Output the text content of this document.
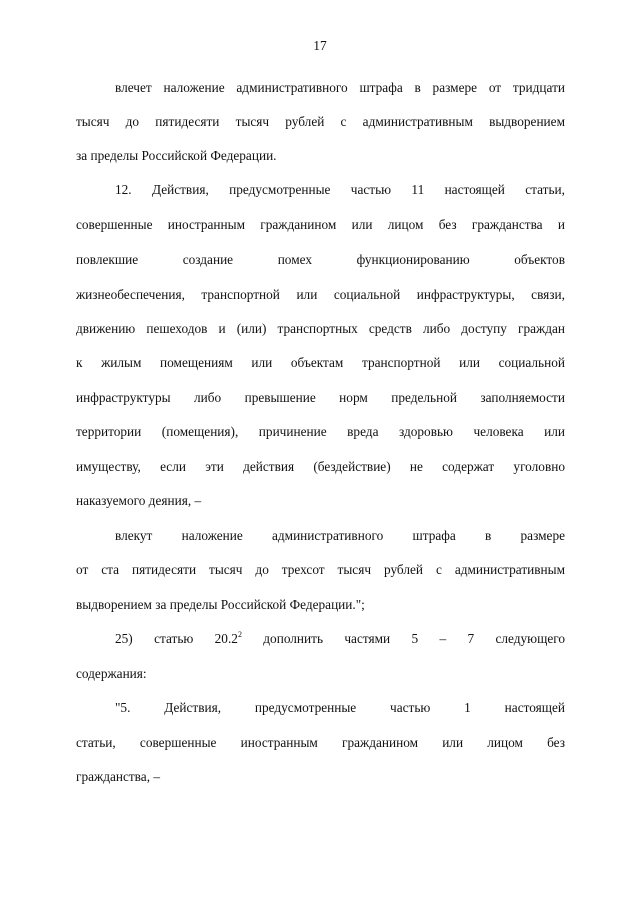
17
влечет наложение административного штрафа в размере от тридцати
тысяч до пятидесяти тысяч рублей с административным выдворением
за пределы Российской Федерации.
12. Действия, предусмотренные частью 11 настоящей статьи,
совершенные иностранным гражданином или лицом без гражданства и
повлекшие создание помех функционированию объектов
жизнеобеспечения, транспортной или социальной инфраструктуры, связи,
движению пешеходов и (или) транспортных средств либо доступу граждан
к жилым помещениям или объектам транспортной или социальной
инфраструктуры либо превышение норм предельной заполняемости
территории (помещения), причинение вреда здоровью человека или
имуществу, если эти действия (бездействие) не содержат уголовно
наказуемого деяния, –
влекут наложение административного штрафа в размере
от ста пятидесяти тысяч до трехсот тысяч рублей с административным
выдворением за пределы Российской Федерации.";
25) статью 20.2$^2$ дополнить частями 5 – 7 следующего
содержания:
"5. Действия, предусмотренные частью 1 настоящей
статьи, совершенные иностранным гражданином или лицом без
гражданства, –
